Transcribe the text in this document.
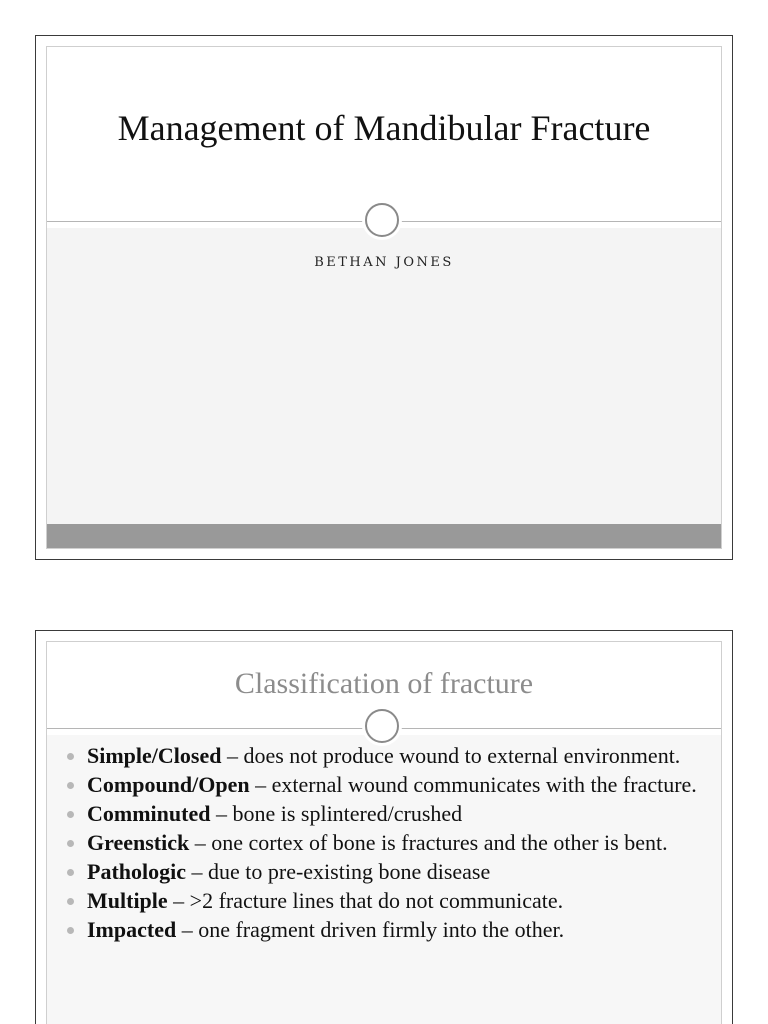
Management of Mandibular Fracture
BETHAN JONES
Classification of fracture
Simple/Closed – does not produce wound to external environment.
Compound/Open – external wound communicates with the fracture.
Comminuted – bone is splintered/crushed
Greenstick – one cortex of bone is fractures and the other is bent.
Pathologic – due to pre-existing bone disease
Multiple – >2 fracture lines that do not communicate.
Impacted – one fragment driven firmly into the other.
